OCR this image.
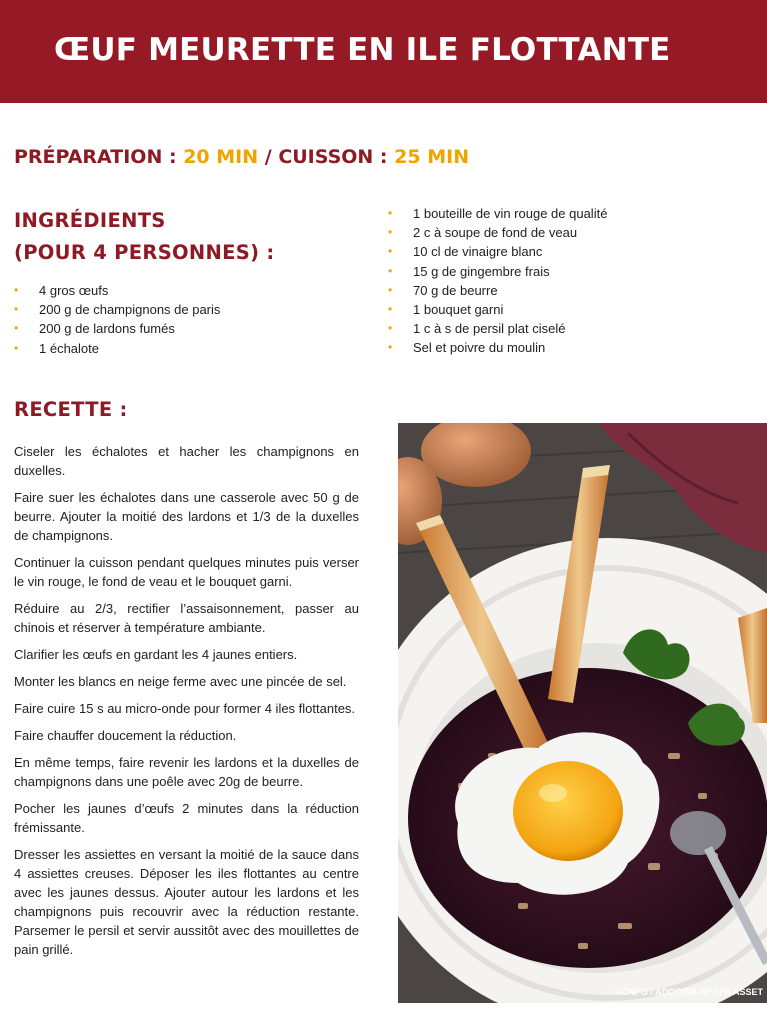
ŒUF MEURETTE EN ILE FLOTTANTE
PRÉPARATION : 20 MIN / CUISSON : 25 MIN
INGRÉDIENTS
(POUR 4 PERSONNES) :
• 4 gros œufs
• 200 g de champignons de paris
• 200 g de lardons fumés
• 1 échalote
• 1 bouteille de vin rouge de qualité
• 2 c à soupe de fond de veau
• 10 cl de vinaigre blanc
• 15 g de gingembre frais
• 70 g de beurre
• 1 bouquet garni
• 1 c à s de persil plat ciselé
• Sel et poivre du moulin
RECETTE :

Ciseler les échalotes et hacher les champignons en duxelles.

Faire suer les échalotes dans une casserole avec 50 g de beurre. Ajouter la moitié des lardons et 1/3 de la duxelles de champignons.

Continuer la cuisson pendant quelques minutes puis verser le vin rouge, le fond de veau et le bouquet garni.

Réduire au 2/3, rectifier l’assaisonnement, passer au chinois et réserver à température ambiante.

Clarifier les œufs en gardant les 4 jaunes entiers.

Monter les blancs en neige ferme avec une pincée de sel.

Faire cuire 15 s au micro-onde pour former 4 iles flottantes.

Faire chauffer doucement la réduction.

En même temps, faire revenir les lardons et la duxelles de champignons dans une poêle avec 20g de beurre.

Pocher les jaunes d’œufs 2 minutes dans la réduction frémissante.

Dresser les assiettes en versant la moitié de la sauce dans 4 assiettes creuses. Déposer les iles flottantes au centre avec les jaunes dessus. Ajouter autour les lardons et les champignons puis recouvrir avec la réduction restante. Parsemer le persil et servir aussitôt avec des mouillettes de pain grillé.

©CNPO / ADOCOM-RP / Ph.ASSET
